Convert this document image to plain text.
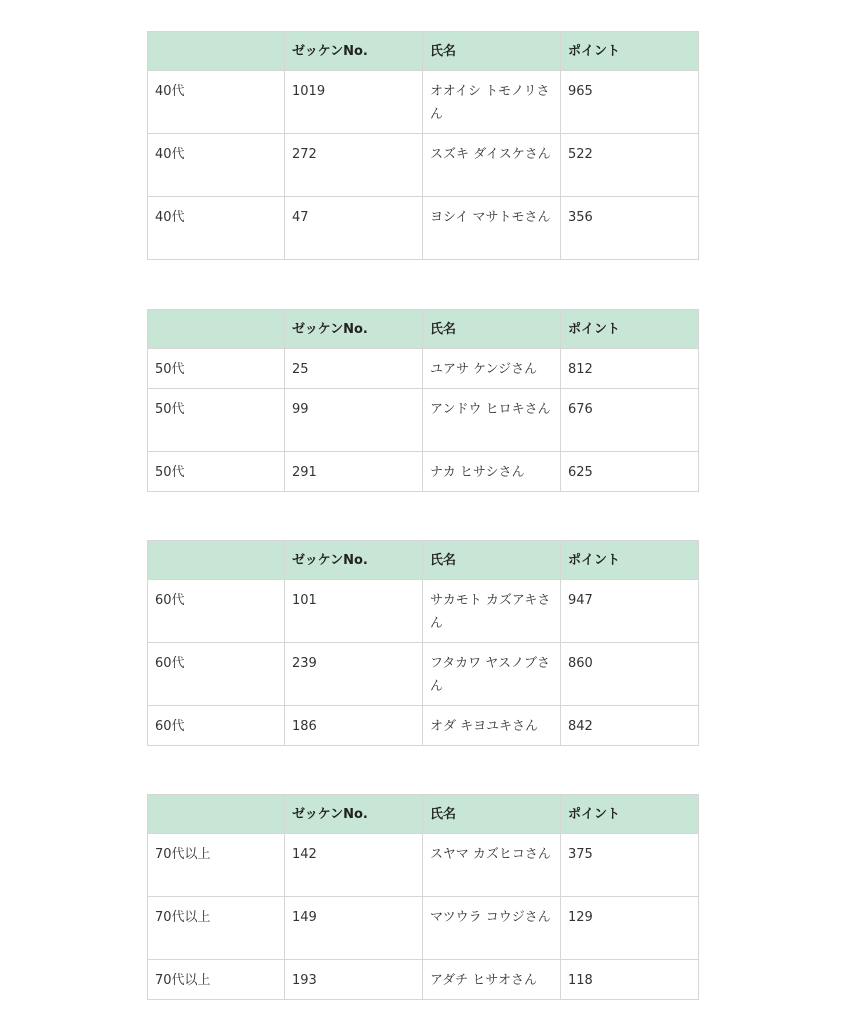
	ゼッケンNo.	氏名	ポイント
40代	1019	オオイシ トモノリさん	965
40代	272	スズキ ダイスケさん	522
40代	47	ヨシイ マサトモさん	356
	ゼッケンNo.	氏名	ポイント
50代	25	ユアサ ケンジさん	812
50代	99	アンドウ ヒロキさん	676
50代	291	ナカ ヒサシさん	625
	ゼッケンNo.	氏名	ポイント
60代	101	サカモト カズアキさん	947
60代	239	フタカワ ヤスノブさん	860
60代	186	オダ キヨユキさん	842
	ゼッケンNo.	氏名	ポイント
70代以上	142	スヤマ カズヒコさん	375
70代以上	149	マツウラ コウジさん	129
70代以上	193	アダチ ヒサオさん	118
